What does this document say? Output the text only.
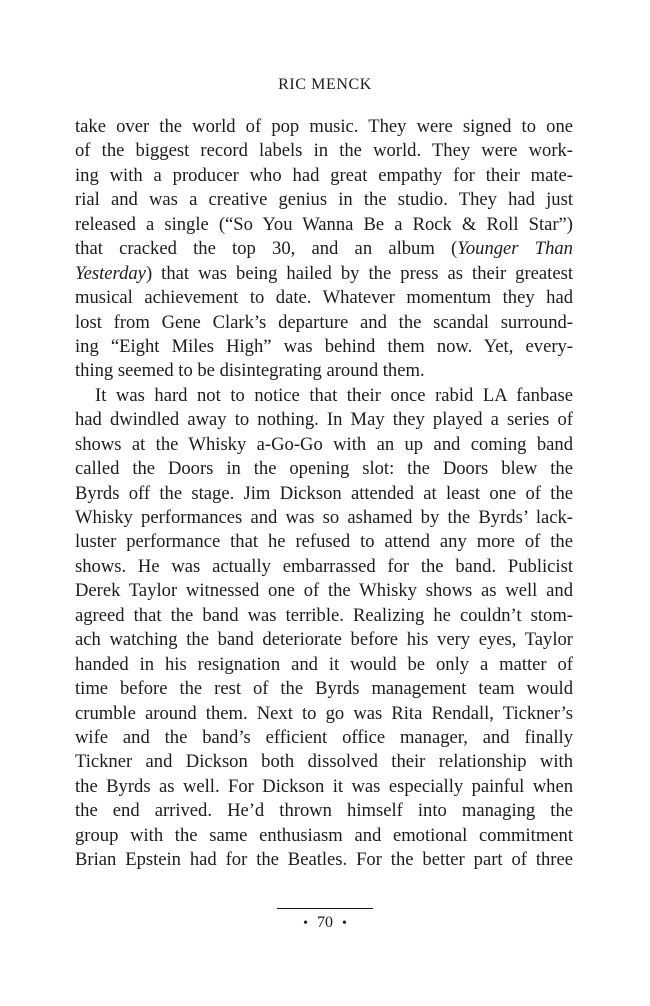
RIC MENCK
take over the world of pop music. They were signed to one
of the biggest record labels in the world. They were work-
ing with a producer who had great empathy for their mate-
rial and was a creative genius in the studio. They had just
released a single (“So You Wanna Be a Rock & Roll Star”)
that cracked the top 30, and an album (Younger Than
Yesterday) that was being hailed by the press as their greatest
musical achievement to date. Whatever momentum they had
lost from Gene Clark’s departure and the scandal surround-
ing “Eight Miles High” was behind them now. Yet, every-
thing seemed to be disintegrating around them.
It was hard not to notice that their once rabid LA fanbase
had dwindled away to nothing. In May they played a series of
shows at the Whisky a-Go-Go with an up and coming band
called the Doors in the opening slot: the Doors blew the
Byrds off the stage. Jim Dickson attended at least one of the
Whisky performances and was so ashamed by the Byrds’ lack-
luster performance that he refused to attend any more of the
shows. He was actually embarrassed for the band. Publicist
Derek Taylor witnessed one of the Whisky shows as well and
agreed that the band was terrible. Realizing he couldn’t stom-
ach watching the band deteriorate before his very eyes, Taylor
handed in his resignation and it would be only a matter of
time before the rest of the Byrds management team would
crumble around them. Next to go was Rita Rendall, Tickner’s
wife and the band’s efficient office manager, and finally
Tickner and Dickson both dissolved their relationship with
the Byrds as well. For Dickson it was especially painful when
the end arrived. He’d thrown himself into managing the
group with the same enthusiasm and emotional commitment
Brian Epstein had for the Beatles. For the better part of three
• 70 •
